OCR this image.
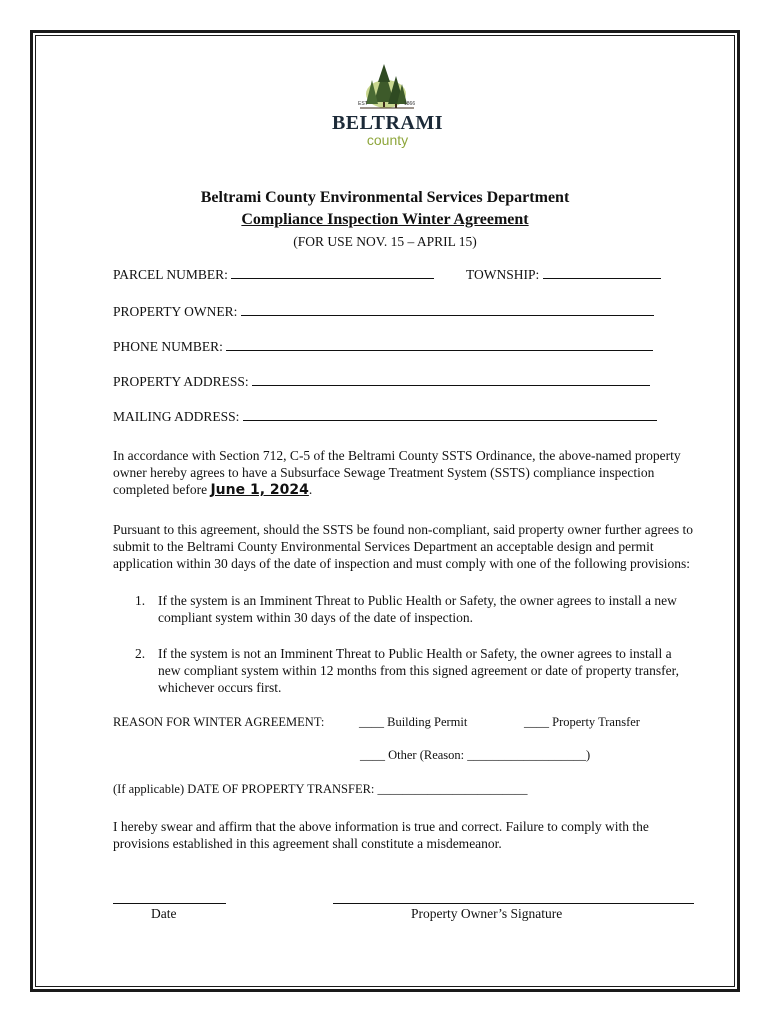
EST	1866
BELTRAMI
county
Beltrami County Environmental Services Department
Compliance Inspection Winter Agreement
(FOR USE NOV. 15 – APRIL 15)
PARCEL NUMBER:	TOWNSHIP:
PROPERTY OWNER:
PHONE NUMBER:
PROPERTY ADDRESS:
MAILING ADDRESS:
In accordance with Section 712, C-5 of the Beltrami County SSTS Ordinance, the above-named property owner hereby agrees to have a Subsurface Sewage Treatment System (SSTS) compliance inspection completed before June 1, 2024.
Pursuant to this agreement, should the SSTS be found non-compliant, said property owner further agrees to submit to the Beltrami County Environmental Services Department an acceptable design and permit application within 30 days of the date of inspection and must comply with one of the following provisions:
1. If the system is an Imminent Threat to Public Health or Safety, the owner agrees to install a new compliant system within 30 days of the date of inspection.
2. If the system is not an Imminent Threat to Public Health or Safety, the owner agrees to install a new compliant system within 12 months from this signed agreement or date of property transfer, whichever occurs first.
REASON FOR WINTER AGREEMENT:	____ Building Permit	____ Property Transfer
____ Other (Reason: ___________________)
(If applicable) DATE OF PROPERTY TRANSFER: ________________________
I hereby swear and affirm that the above information is true and correct. Failure to comply with the provisions established in this agreement shall constitute a misdemeanor.
Date	Property Owner’s Signature
